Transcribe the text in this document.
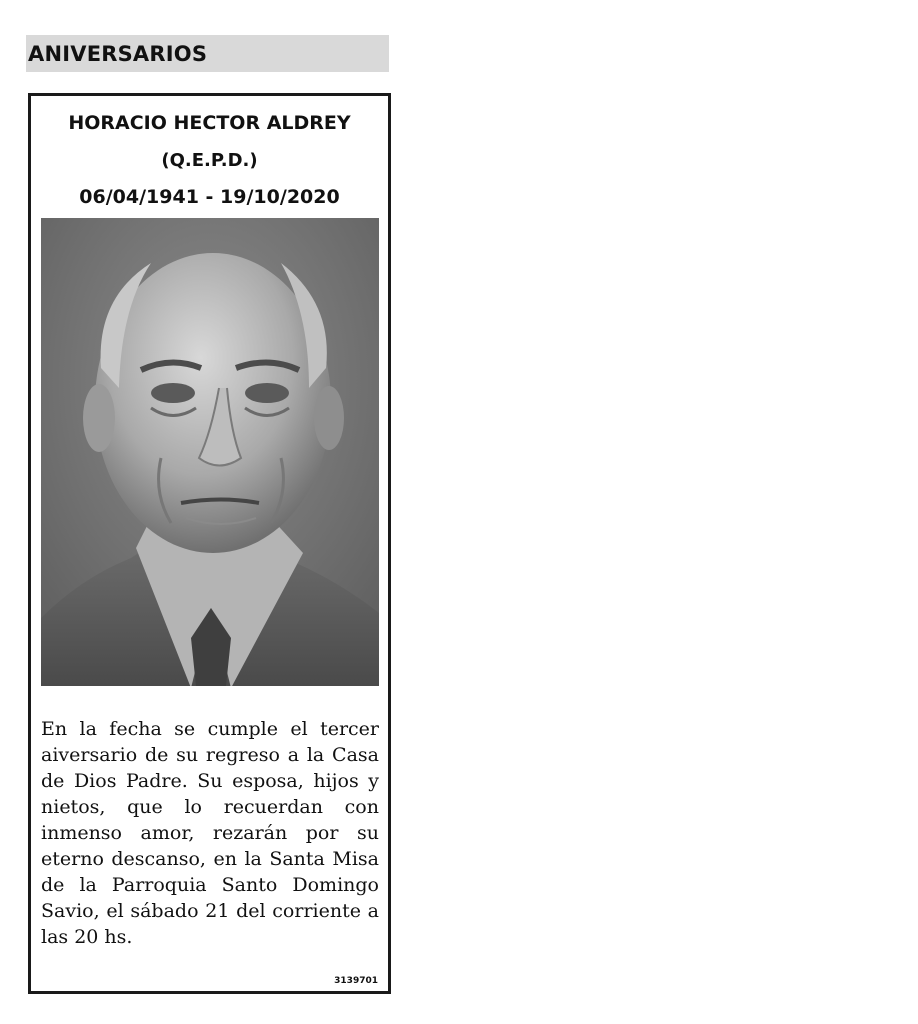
ANIVERSARIOS
HORACIO HECTOR ALDREY
(Q.E.P.D.)
06/04/1941 - 19/10/2020
En la fecha se cumple el tercer aiversario de su regreso a la Casa de Dios Padre. Su esposa, hijos y nietos, que lo recuerdan con inmenso amor, rezarán por su eterno descanso, en la Santa Misa de la Parroquia Santo Domingo Savio, el sábado 21 del corriente a las 20 hs.
3139701
